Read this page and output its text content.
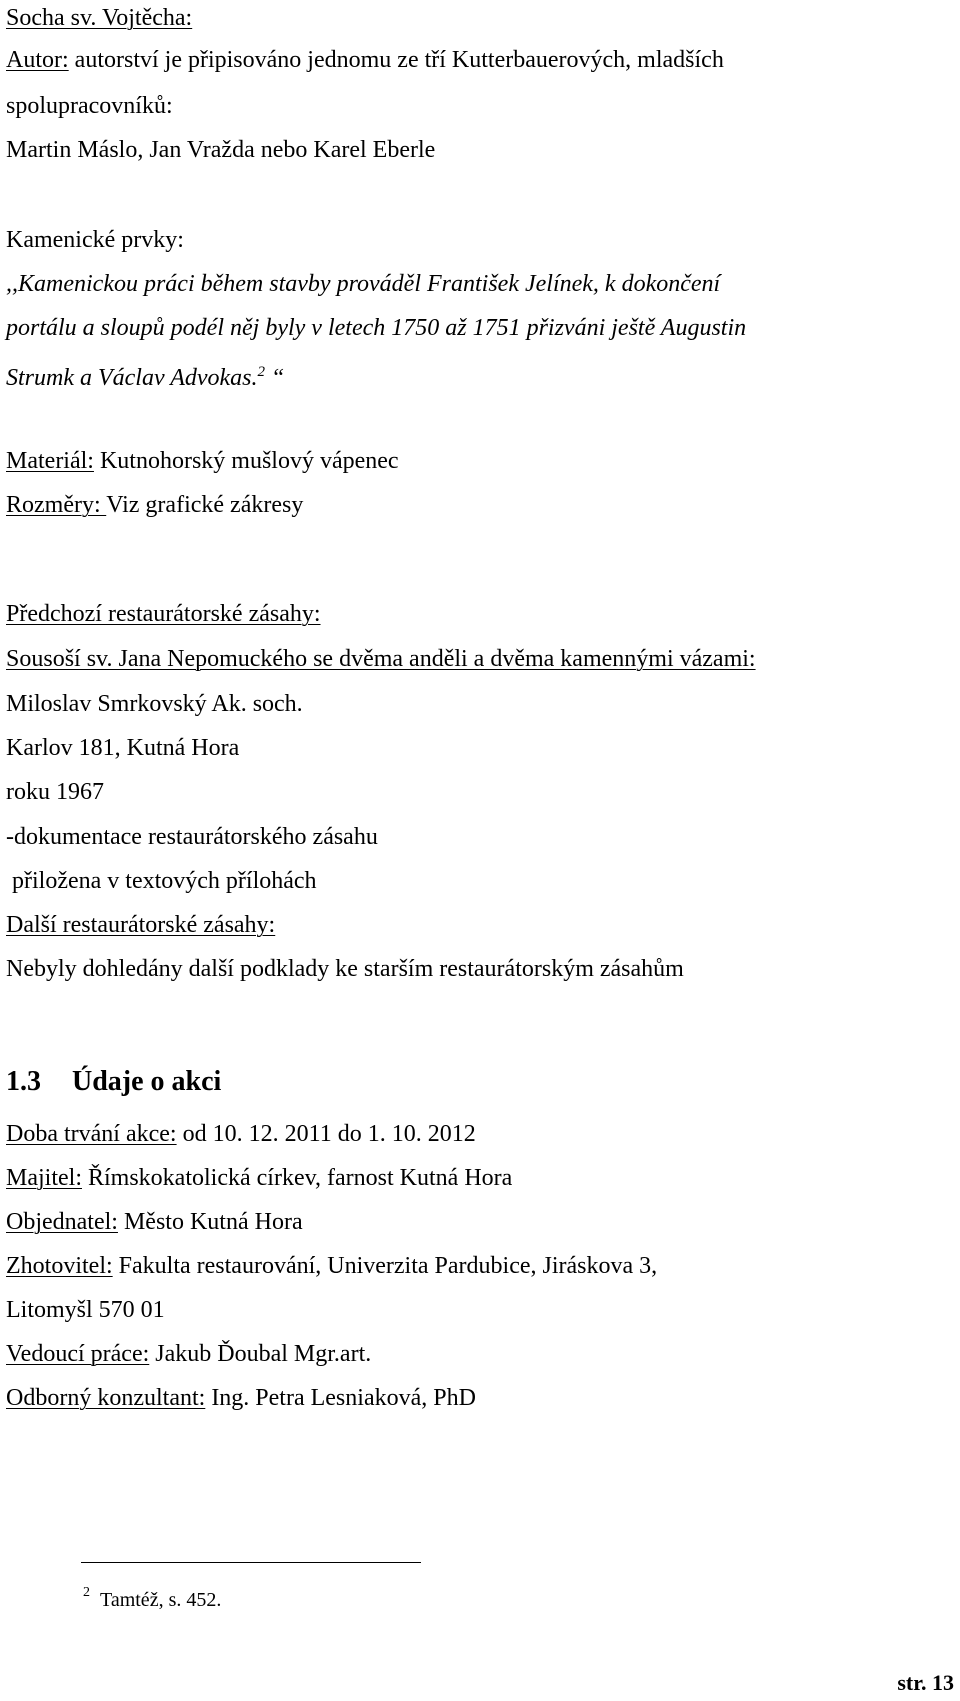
Socha sv. Vojtěcha:
Autor: autorství je připisováno jednomu ze tří Kutterbauerových, mladších
spolupracovníků:
Martin Máslo, Jan Vražda nebo Karel Eberle
Kamenické prvky:
,,Kamenickou práci během stavby prováděl František Jelínek, k dokončení
portálu a sloupů podél něj byly v letech 1750 až 1751 přizváni ještě Augustin
Strumk a Václav Advokas.$^2$ “
Materiál: Kutnohorský mušlový vápenec
Rozměry: Viz grafické zákresy
Předchozí restaurátorské zásahy:
Sousoší sv. Jana Nepomuckého se dvěma anděli a dvěma kamennými vázami:
Miloslav Smrkovský Ak. soch.
Karlov 181, Kutná Hora
roku 1967
-dokumentace restaurátorského zásahu
přiložena v textových přílohách
Další restaurátorské zásahy:
Nebyly dohledány další podklady ke starším restaurátorským zásahům
1.3 Údaje o akci
Doba trvání akce: od 10. 12. 2011 do 1. 10. 2012
Majitel: Římskokatolická církev, farnost Kutná Hora
Objednatel: Město Kutná Hora
Zhotovitel: Fakulta restaurování, Univerzita Pardubice, Jiráskova 3,
Litomyšl 570 01
Vedoucí práce: Jakub Ďoubal Mgr.art.
Odborný konzultant: Ing. Petra Lesniaková, PhD
$^2$ Tamtéž, s. 452.
str. 13
